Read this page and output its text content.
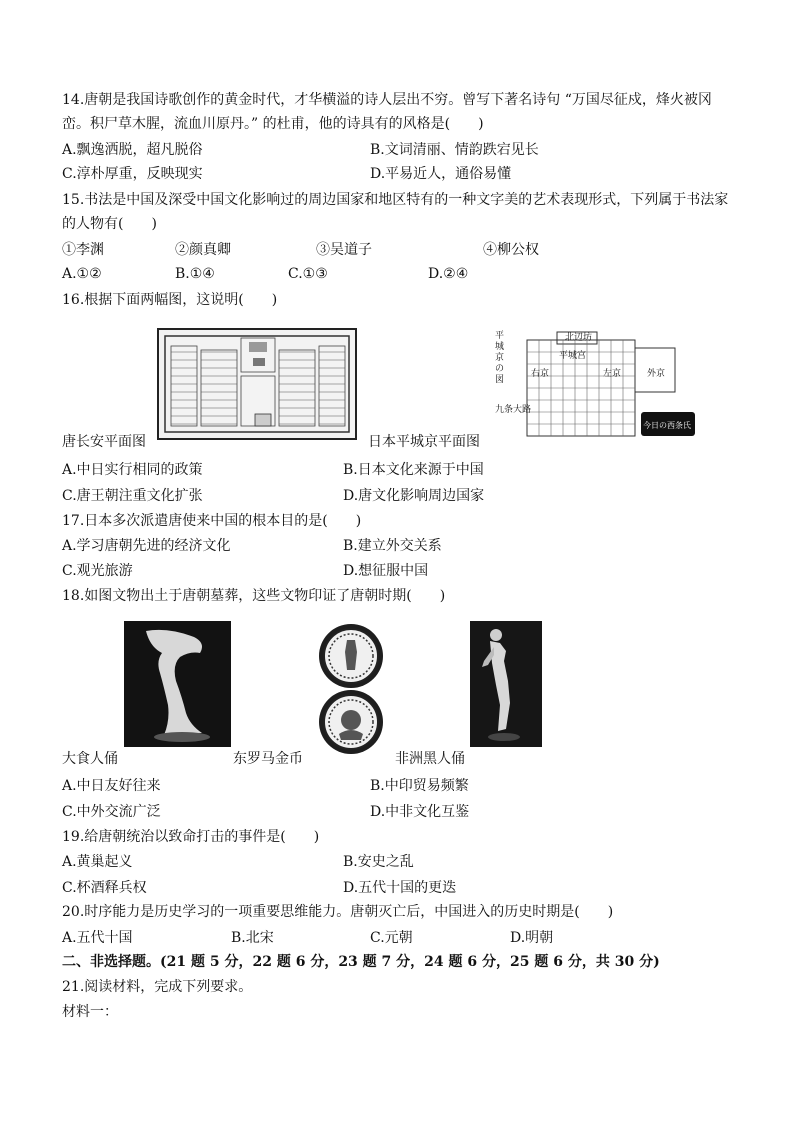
14.唐朝是我国诗歌创作的黄金时代，才华横溢的诗人层出不穷。曾写下著名诗句 “万国尽征戍，烽火被冈
峦。积尸草木腥，流血川原丹。” 的杜甫，他的诗具有的风格是(　　)
A.飘逸洒脱，超凡脱俗	B.文词清丽、情韵跌宕见长
C.淳朴厚重，反映现实	D.平易近人，通俗易懂
15.书法是中国及深受中国文化影响过的周边国家和地区特有的一种文字美的艺术表现形式，下列属于书法家
的人物有(　　)
①李渊	②颜真卿	③吴道子	④柳公权
A.①②	B.①④	C.①③	D.②④
16.根据下面两幅图，这说明(　　)
平城京の図
北辺坊
平城宫
右京	左京	外京
九条大路
今日の西条氏
唐长安平面图	日本平城京平面图
A.中日实行相同的政策	B.日本文化来源于中国
C.唐王朝注重文化扩张	D.唐文化影响周边国家
17.日本多次派遣唐使来中国的根本目的是(　　)
A.学习唐朝先进的经济文化	B.建立外交关系
C.观光旅游	D.想征服中国
18.如图文物出土于唐朝墓葬，这些文物印证了唐朝时期(　　)
大食人俑	东罗马金币	非洲黑人俑
A.中日友好往来	B.中印贸易频繁
C.中外交流广泛	D.中非文化互鉴
19.给唐朝统治以致命打击的事件是(　　)
A.黄巢起义	B.安史之乱
C.杯酒释兵权	D.五代十国的更迭
20.时序能力是历史学习的一项重要思维能力。唐朝灭亡后，中国进入的历史时期是(　　)
A.五代十国	B.北宋	C.元朝	D.明朝
二、非选择题。(21 题 5 分，22 题 6 分，23 题 7 分，24 题 6 分，25 题 6 分，共 30 分)
21.阅读材料，完成下列要求。
材料一：
